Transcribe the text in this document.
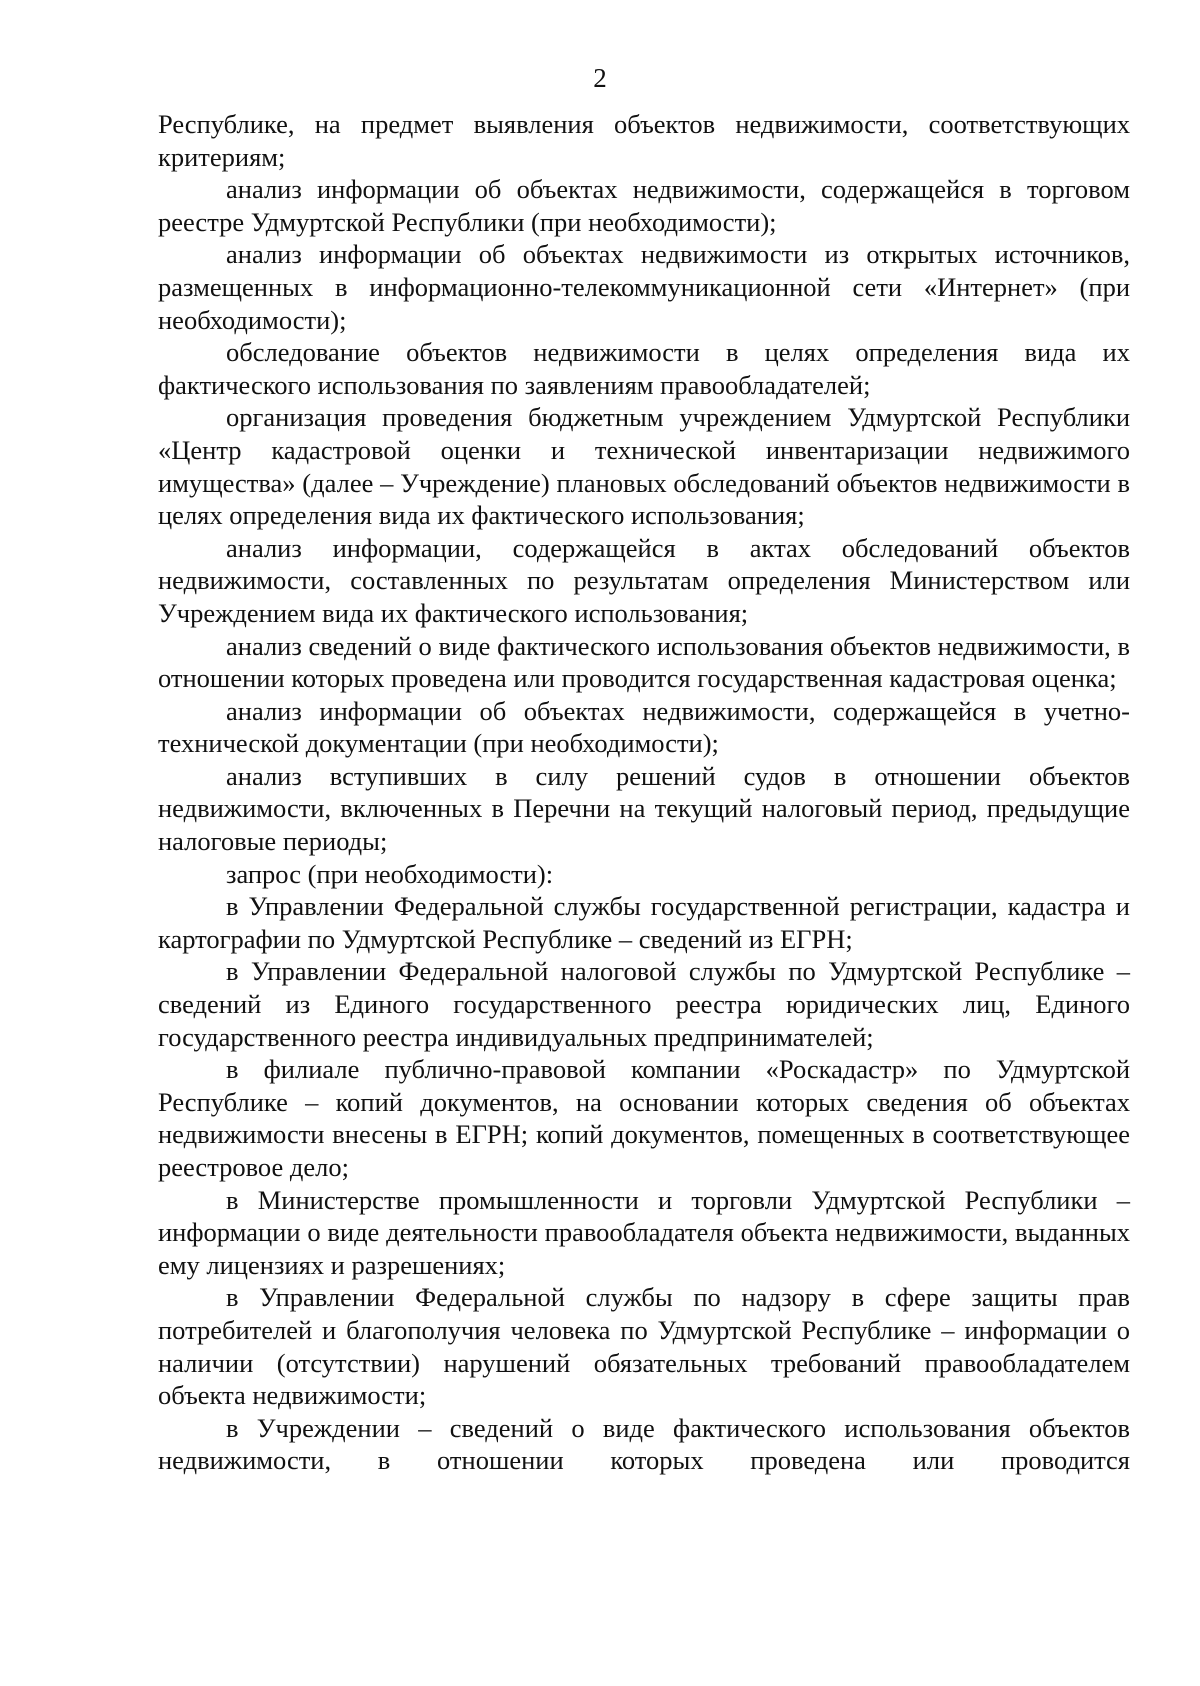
2

Республике, на предмет выявления объектов недвижимости, соответствующих критериям;

анализ информации об объектах недвижимости, содержащейся в торговом реестре Удмуртской Республики (при необходимости);

анализ информации об объектах недвижимости из открытых источников, размещенных в информационно-телекоммуникационной сети «Интернет» (при необходимости);

обследование объектов недвижимости в целях определения вида их фактического использования по заявлениям правообладателей;

организация проведения бюджетным учреждением Удмуртской Республики «Центр кадастровой оценки и технической инвентаризации недвижимого имущества» (далее – Учреждение) плановых обследований объектов недвижимости в целях определения вида их фактического использования;

анализ информации, содержащейся в актах обследований объектов недвижимости, составленных по результатам определения Министерством или Учреждением вида их фактического использования;

анализ сведений о виде фактического использования объектов недвижимости, в отношении которых проведена или проводится государственная кадастровая оценка;

анализ информации об объектах недвижимости, содержащейся в учетно-технической документации (при необходимости);

анализ вступивших в силу решений судов в отношении объектов недвижимости, включенных в Перечни на текущий налоговый период, предыдущие налоговые периоды;

запрос (при необходимости):

в Управлении Федеральной службы государственной регистрации, кадастра и картографии по Удмуртской Республике – сведений из ЕГРН;

в Управлении Федеральной налоговой службы по Удмуртской Республике – сведений из Единого государственного реестра юридических лиц, Единого государственного реестра индивидуальных предпринимателей;

в филиале публично-правовой компании «Роскадастр» по Удмуртской Республике – копий документов, на основании которых сведения об объектах недвижимости внесены в ЕГРН; копий документов, помещенных в соответствующее реестровое дело;

в Министерстве промышленности и торговли Удмуртской Республики – информации о виде деятельности правообладателя объекта недвижимости, выданных ему лицензиях и разрешениях;

в Управлении Федеральной службы по надзору в сфере защиты прав потребителей и благополучия человека по Удмуртской Республике – информации о наличии (отсутствии) нарушений обязательных требований правообладателем объекта недвижимости;

в Учреждении – сведений о виде фактического использования объектов недвижимости, в отношении которых проведена или проводится
